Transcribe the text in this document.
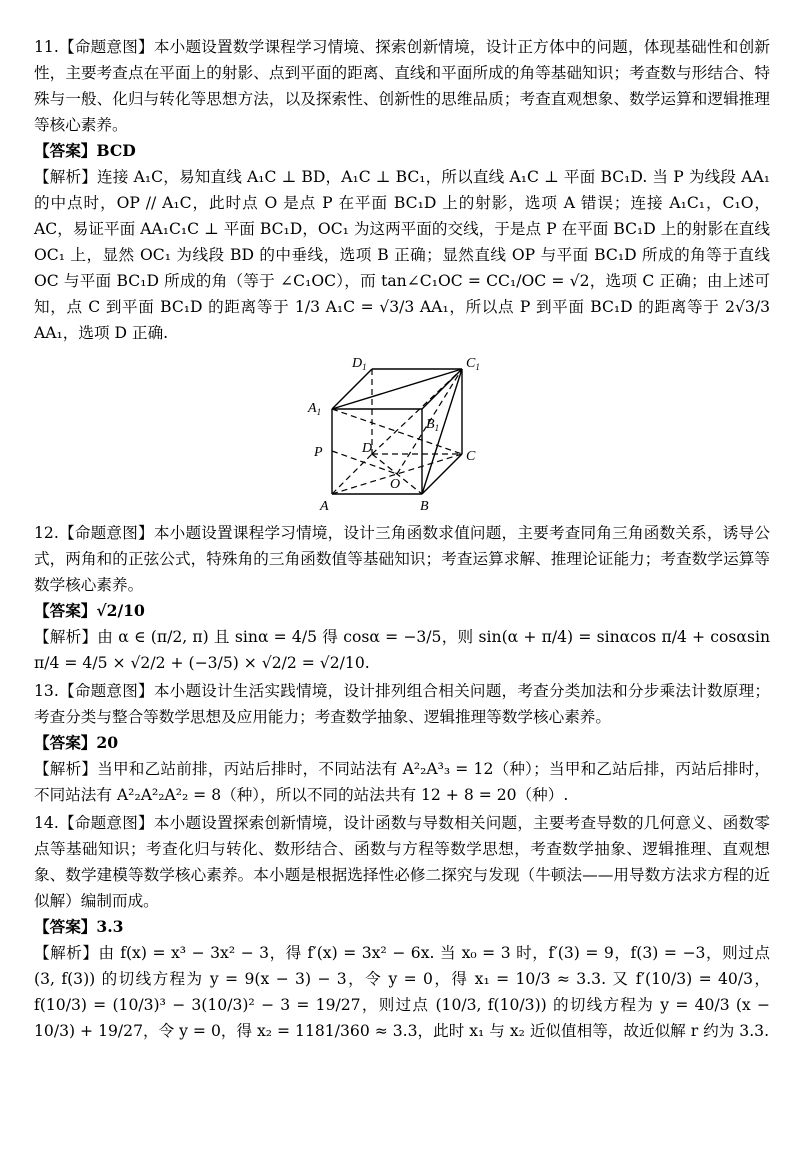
11.【命题意图】本小题设置数学课程学习情境、探索创新情境，设计正方体中的问题，体现基础性和创新性，主要考查点在平面上的射影、点到平面的距离、直线和平面所成的角等基础知识；考查数与形结合、特殊与一般、化归与转化等思想方法，以及探索性、创新性的思维品质；考查直观想象、数学运算和逻辑推理等核心素养。

【答案】BCD

【解析】连接 A₁C，易知直线 A₁C ⊥ BD，A₁C ⊥ BC₁，所以直线 A₁C ⊥ 平面 BC₁D. 当 P 为线段 AA₁ 的中点时，OP // A₁C，此时点 O 是点 P 在平面 BC₁D 上的射影，选项 A 错误；连接 A₁C₁，C₁O，AC，易证平面 AA₁C₁C ⊥ 平面 BC₁D，OC₁ 为这两平面的交线，于是点 P 在平面 BC₁D 上的射影在直线 OC₁ 上，显然 OC₁ 为线段 BD 的中垂线，选项 B 正确；显然直线 OP 与平面 BC₁D 所成的角等于直线 OC 与平面 BC₁D 所成的角（等于 ∠C₁OC），而 tan∠C₁OC = CC₁/OC = √2，选项 C 正确；由上述可知，点 C 到平面 BC₁D 的距离等于 1/3 A₁C = √3/3 AA₁，所以点 P 到平面 BC₁D 的距离等于 2√3/3 AA₁，选项 D 正确.

$D_1$	$C_1$
$A_1$
$B_1$
P	D
C
O
A	B

12.【命题意图】本小题设置课程学习情境，设计三角函数求值问题，主要考查同角三角函数关系，诱导公式，两角和的正弦公式，特殊角的三角函数值等基础知识；考查运算求解、推理论证能力；考查数学运算等数学核心素养。

【答案】√2/10

【解析】由 α ∈ (π/2, π) 且 sinα = 4/5 得 cosα = −3/5，则 sin(α + π/4) = sinαcos π/4 + cosαsin π/4 = 4/5 × √2/2 + (−3/5) × √2/2 = √2/10.

13.【命题意图】本小题设计生活实践情境，设计排列组合相关问题，考查分类加法和分步乘法计数原理；考查分类与整合等数学思想及应用能力；考查数学抽象、逻辑推理等数学核心素养。

【答案】20

【解析】当甲和乙站前排，丙站后排时，不同站法有 A²₂A³₃ = 12（种）；当甲和乙站后排，丙站后排时，不同站法有 A²₂A²₂A²₂ = 8（种），所以不同的站法共有 12 + 8 = 20（种）.

14.【命题意图】本小题设置探索创新情境，设计函数与导数相关问题，主要考查导数的几何意义、函数零点等基础知识；考查化归与转化、数形结合、函数与方程等数学思想，考查数学抽象、逻辑推理、直观想象、数学建模等数学核心素养。本小题是根据选择性必修二探究与发现（牛顿法——用导数方法求方程的近似解）编制而成。

【答案】3.3

【解析】由 f(x) = x³ − 3x² − 3，得 f′(x) = 3x² − 6x. 当 x₀ = 3 时，f′(3) = 9，f(3) = −3，则过点 (3, f(3)) 的切线方程为 y = 9(x − 3) − 3，令 y = 0，得 x₁ = 10/3 ≈ 3.3. 又 f′(10/3) = 40/3，f(10/3) = (10/3)³ − 3(10/3)² − 3 = 19/27，则过点 (10/3, f(10/3)) 的切线方程为 y = 40/3 (x − 10/3) + 19/27，令 y = 0，得 x₂ = 1181/360 ≈ 3.3，此时 x₁ 与 x₂ 近似值相等，故近似解 r 约为 3.3.
